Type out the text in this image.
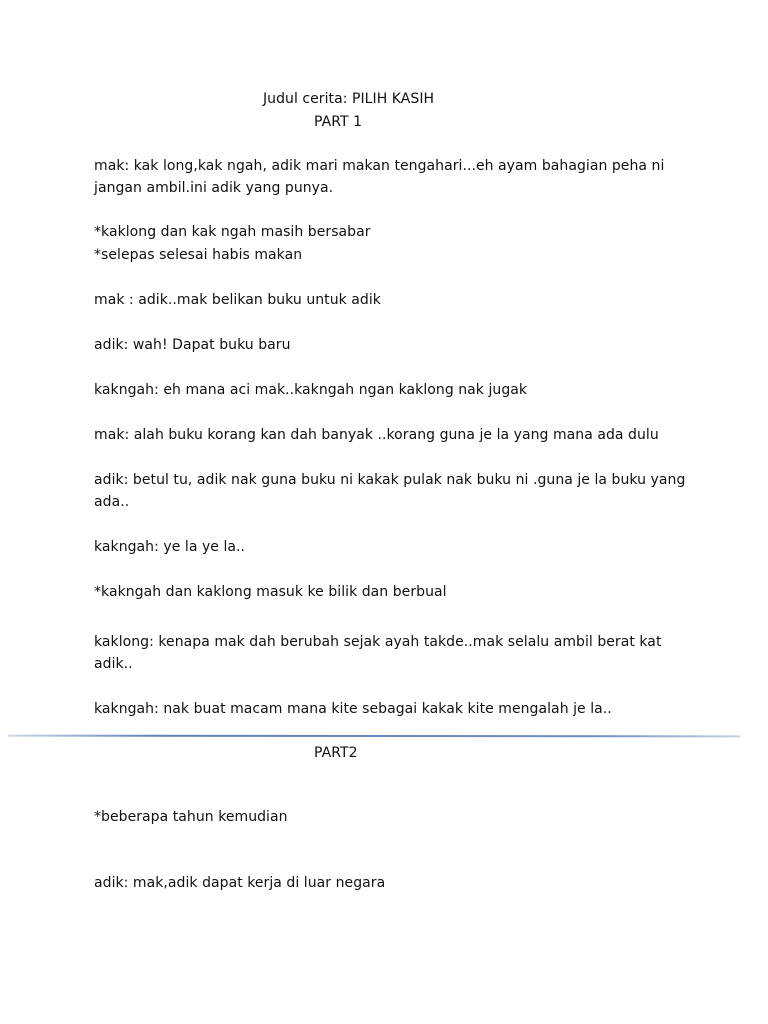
Judul cerita: PILIH KASIH
PART 1
mak: kak long,kak ngah, adik mari makan tengahari...eh ayam bahagian peha ni jangan ambil.ini adik yang punya.
*kaklong dan kak ngah masih bersabar
*selepas selesai habis makan
mak : adik..mak belikan buku untuk adik
adik: wah! Dapat buku baru
kakngah: eh mana aci mak..kakngah ngan kaklong nak jugak
mak: alah buku korang kan dah banyak ..korang guna je la yang mana ada dulu
adik: betul tu, adik nak guna buku ni kakak pulak nak buku ni .guna je la buku yang ada..
kakngah: ye la ye la..
*kakngah dan kaklong masuk ke bilik dan berbual
kaklong: kenapa mak dah berubah sejak ayah takde..mak selalu ambil berat kat adik..
kakngah: nak buat macam mana kite sebagai kakak kite mengalah je la..
PART2
*beberapa tahun kemudian
adik: mak,adik dapat kerja di luar negara
